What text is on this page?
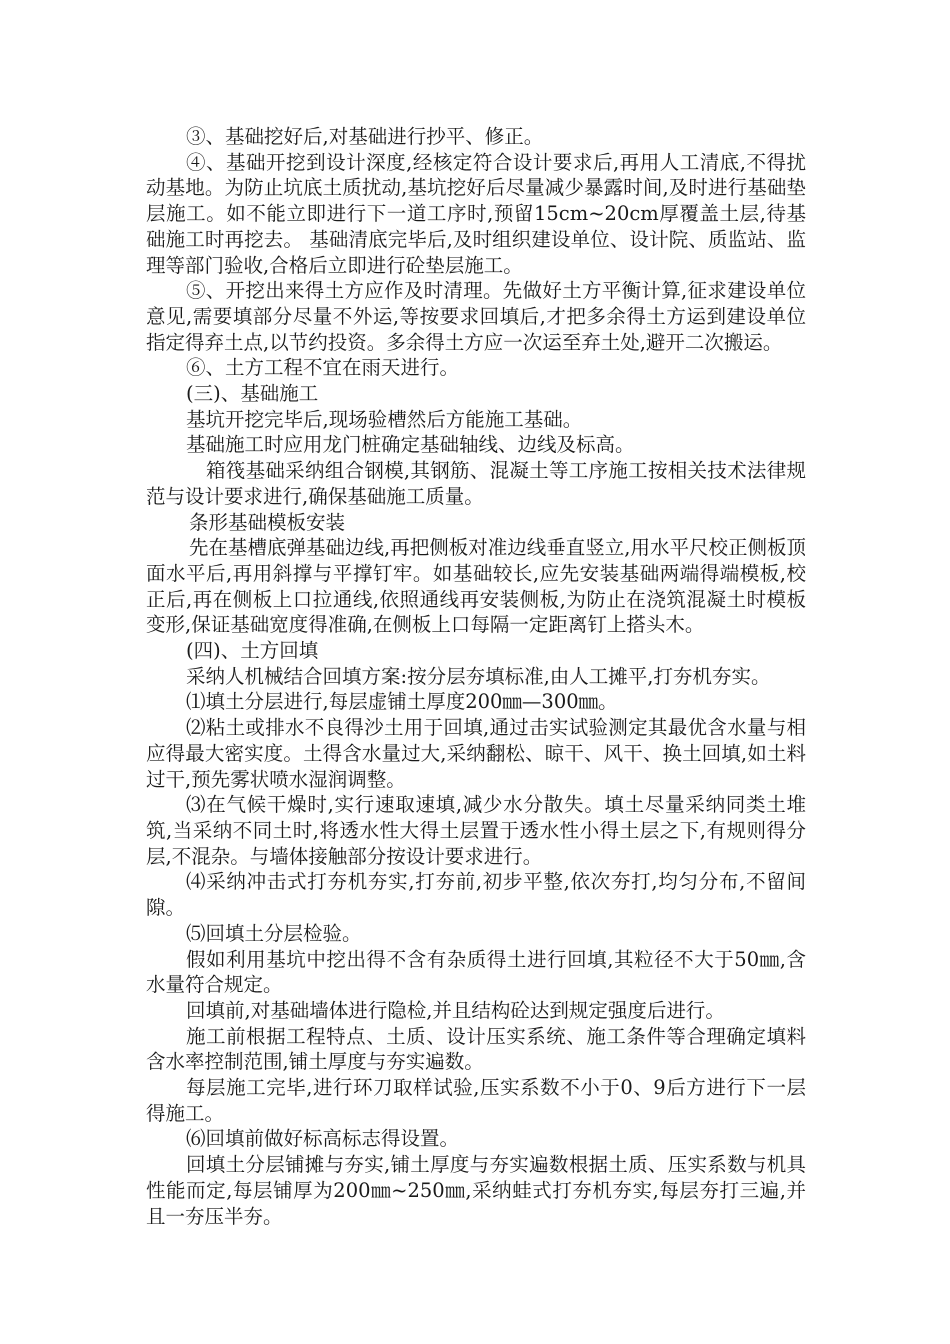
③、基础挖好后,对基础进行抄平、修正。

④、基础开挖到设计深度,经核定符合设计要求后,再用人工清底,不得扰动基地。为防止坑底土质扰动,基坑挖好后尽量减少暴露时间,及时进行基础垫层施工。如不能立即进行下一道工序时,预留15cm~20cm厚覆盖土层,待基础施工时再挖去。 基础清底完毕后,及时组织建设单位、设计院、质监站、监理等部门验收,合格后立即进行砼垫层施工。

⑤、开挖出来得土方应作及时清理。先做好土方平衡计算,征求建设单位意见,需要填部分尽量不外运,等按要求回填后,才把多余得土方运到建设单位指定得弃土点,以节约投资。多余得土方应一次运至弃土处,避开二次搬运。

⑥、土方工程不宜在雨天进行。

(三)、基础施工

基坑开挖完毕后,现场验槽然后方能施工基础。

基础施工时应用龙门桩确定基础轴线、边线及标高。

箱筏基础采纳组合钢模,其钢筋、混凝土等工序施工按相关技术法律规范与设计要求进行,确保基础施工质量。

条形基础模板安装

先在基槽底弹基础边线,再把侧板对准边线垂直竖立,用水平尺校正侧板顶面水平后,再用斜撑与平撑钉牢。如基础较长,应先安装基础两端得端模板,校正后,再在侧板上口拉通线,依照通线再安装侧板,为防止在浇筑混凝土时模板变形,保证基础宽度得准确,在侧板上口每隔一定距离钉上搭头木。

(四)、土方回填

采纳人机械结合回填方案:按分层夯填标准,由人工摊平,打夯机夯实。

⑴填土分层进行,每层虚铺土厚度200㎜—300㎜。

⑵粘土或排水不良得沙土用于回填,通过击实试验测定其最优含水量与相应得最大密实度。土得含水量过大,采纳翻松、晾干、风干、换土回填,如土料过干,预先雾状喷水湿润调整。

⑶在气候干燥时,实行速取速填,减少水分散失。填土尽量采纳同类土堆筑,当采纳不同土时,将透水性大得土层置于透水性小得土层之下,有规则得分层,不混杂。与墙体接触部分按设计要求进行。

⑷采纳冲击式打夯机夯实,打夯前,初步平整,依次夯打,均匀分布,不留间隙。

⑸回填土分层检验。

假如利用基坑中挖出得不含有杂质得土进行回填,其粒径不大于50㎜,含水量符合规定。

回填前,对基础墙体进行隐检,并且结构砼达到规定强度后进行。

施工前根据工程特点、土质、设计压实系统、施工条件等合理确定填料含水率控制范围,铺土厚度与夯实遍数。

每层施工完毕,进行环刀取样试验,压实系数不小于0、9后方进行下一层得施工。

⑹回填前做好标高标志得设置。

回填土分层铺摊与夯实,铺土厚度与夯实遍数根据土质、压实系数与机具性能而定,每层铺厚为200㎜~250㎜,采纳蛙式打夯机夯实,每层夯打三遍,并且一夯压半夯。
